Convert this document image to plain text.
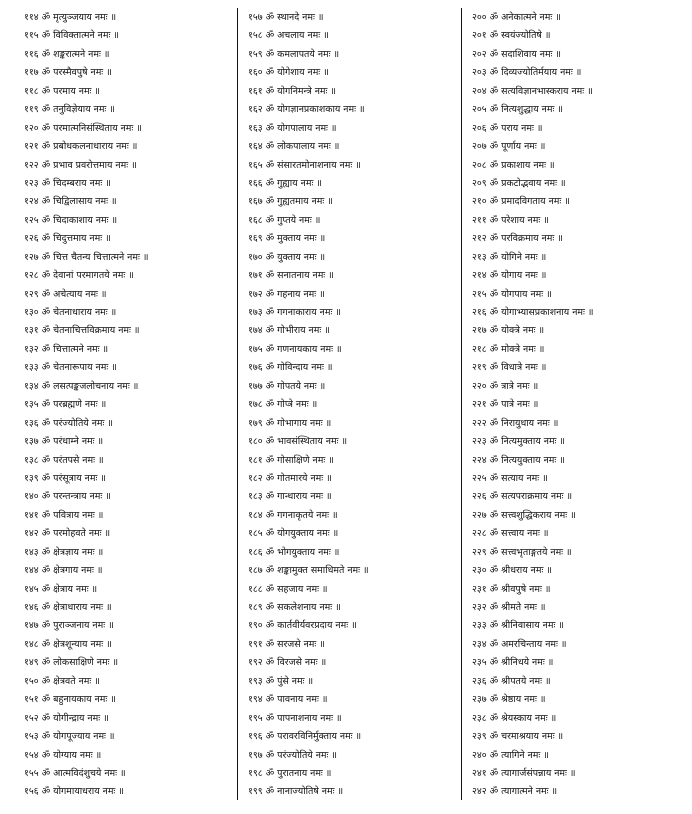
११४ ॐ मृत्युञ्जयाय नमः ॥
११५ ॐ विविक्तात्मने नमः ॥
११६ ॐ शङ्करात्मने नमः ॥
११७ ॐ परस्मैवपुषे नमः ॥
११८ ॐ परमाय नमः ॥
११९ ॐ तनुविज्ञेयाय नमः ॥
१२० ॐ परमात्मनिसंस्थिताय नमः ॥
१२१ ॐ प्रबोधकलनाधाराय नमः ॥
१२२ ॐ प्रभाव प्रवरोत्तमाय नमः ॥
१२३ ॐ चिदम्बराय नमः ॥
१२४ ॐ चिद्विलासाय नमः ॥
१२५ ॐ चिदाकाशाय नमः ॥
१२६ ॐ चिदुत्तमाय नमः ॥
१२७ ॐ चित्त चैतन्य चित्तात्मने नमः ॥
१२८ ॐ देवानां परमागतये नमः ॥
१२९ ॐ अचेत्याय नमः ॥
१३० ॐ चेतनाधाराय नमः ॥
१३१ ॐ चेतनाचित्तविक्रमाय नमः ॥
१३२ ॐ चित्तात्मने नमः ॥
१३३ ॐ चेतनारूपाय नमः ॥
१३४ ॐ लसत्पङ्कजलोचनाय नमः ॥
१३५ ॐ परब्रह्मणे नमः ॥
१३६ ॐ परंज्योतिये नमः ॥
१३७ ॐ परंधाम्ने नमः ॥
१३८ ॐ परंतपसे नमः ॥
१३९ ॐ परंसूत्राय नमः ॥
१४० ॐ परन्तन्त्राय नमः ॥
१४१ ॐ पवित्राय नमः ॥
१४२ ॐ परमोहवते नमः ॥
१४३ ॐ क्षेत्रज्ञाय नमः ॥
१४४ ॐ क्षेत्रगाय नमः ॥
१४५ ॐ क्षेत्राय नमः ॥
१४६ ॐ क्षेत्राधाराय नमः ॥
१४७ ॐ पुराञ्जनाय नमः ॥
१४८ ॐ क्षेत्रशून्याय नमः ॥
१४९ ॐ लोकसाक्षिणे नमः ॥
१५० ॐ क्षेत्रवते नमः ॥
१५१ ॐ बहुनायकाय नमः ॥
१५२ ॐ योगीन्द्राय नमः ॥
१५३ ॐ योगपूज्याय नमः ॥
१५४ ॐ योग्याय नमः ॥
१५५ ॐ आत्मविदंशुचये नमः ॥
१५६ ॐ योगमायाधराय नमः ॥
१५७ ॐ स्थानदे नमः ॥
१५८ ॐ अचलाय नमः ॥
१५९ ॐ कमलापतये नमः ॥
१६० ॐ योगेशाय नमः ॥
१६१ ॐ योगनिमन्त्रे नमः ॥
१६२ ॐ योगज्ञानप्रकाशकाय नमः ॥
१६३ ॐ योगपालाय नमः ॥
१६४ ॐ लोकपालाय नमः ॥
१६५ ॐ संसारतमोनाशनाय नमः ॥
१६६ ॐ गुह्याय नमः ॥
१६७ ॐ गुह्यतमाय नमः ॥
१६८ ॐ गुप्तये नमः ॥
१६९ ॐ मुक्ताय नमः ॥
१७० ॐ युक्ताय नमः ॥
१७१ ॐ सनातनाय नमः ॥
१७२ ॐ गहनाय नमः ॥
१७३ ॐ गगनाकाराय नमः ॥
१७४ ॐ गोभीराय नमः ॥
१७५ ॐ गणनायकाय नमः ॥
१७६ ॐ गोविन्दाय नमः ॥
१७७ ॐ गोपतये नमः ॥
१७८ ॐ गोप्त्रे नमः ॥
१७९ ॐ गोभागाय नमः ॥
१८० ॐ भावसंस्थिताय नमः ॥
१८१ ॐ गोसाक्षिणे नमः ॥
१८२ ॐ गोतमारये नमः ॥
१८३ ॐ गान्धाराय नमः ॥
१८४ ॐ गगनाकृतये नमः ॥
१८५ ॐ योगयुक्ताय नमः ॥
१८६ ॐ भोगयुक्ताय नमः ॥
१८७ ॐ शङ्कामुक्त समाधिमते नमः ॥
१८८ ॐ सहजाय नमः ॥
१८९ ॐ सकलेशनाय नमः ॥
१९० ॐ कार्तवीर्यवरप्रदाय नमः ॥
१९१ ॐ सरजसे नमः ॥
१९२ ॐ विरजसे नमः ॥
१९३ ॐ पुंसे नमः ॥
१९४ ॐ पावनाय नमः ॥
१९५ ॐ पापनाशनाय नमः ॥
१९६ ॐ परावरविनिर्मुक्ताय नमः ॥
१९७ ॐ परंज्योतिये नमः ॥
१९८ ॐ पुरातनाय नमः ॥
१९९ ॐ नानाज्योतिषे नमः ॥
२०० ॐ अनेकात्मने नमः ॥
२०१ ॐ स्वयंज्योतिषे ॥
२०२ ॐ सदाशिवाय नमः ॥
२०३ ॐ दिव्यज्योतिर्मयाय नमः ॥
२०४ ॐ सत्यविज्ञानभास्कराय नमः ॥
२०५ ॐ नित्यशुद्धाय नमः ॥
२०६ ॐ पराय नमः ॥
२०७ ॐ पूर्णाय नमः ॥
२०८ ॐ प्रकाशाय नमः ॥
२०९ ॐ प्रकटोद्भवाय नमः ॥
२१० ॐ प्रमादविगताय नमः ॥
२११ ॐ परेशाय नमः ॥
२१२ ॐ परविक्रमाय नमः ॥
२१३ ॐ योगिने नमः ॥
२१४ ॐ योगाय नमः ॥
२१५ ॐ योगपाय नमः ॥
२१६ ॐ योगाभ्यासप्रकाशनाय नमः ॥
२१७ ॐ योक्त्रे नमः ॥
२१८ ॐ मोक्त्रे नमः ॥
२१९ ॐ विधात्रे नमः ॥
२२० ॐ त्रात्रे नमः ॥
२२१ ॐ पात्रे नमः ॥
२२२ ॐ निरायुधाय नमः ॥
२२३ ॐ नित्यमुक्ताय नमः ॥
२२४ ॐ नित्ययुक्ताय नमः ॥
२२५ ॐ सत्याय नमः ॥
२२६ ॐ सत्यपराक्रमाय नमः ॥
२२७ ॐ सत्त्वशुद्धिकराय नमः ॥
२२८ ॐ सत्त्वाय नमः ॥
२२९ ॐ सत्त्वभृताङ्गतये नमः ॥
२३० ॐ श्रीधराय नमः ॥
२३१ ॐ श्रीवपुषे नमः ॥
२३२ ॐ श्रीमते नमः ॥
२३३ ॐ श्रीनिवासाय नमः ॥
२३४ ॐ अमरचिन्ताय नमः ॥
२३५ ॐ श्रीनिधये नमः ॥
२३६ ॐ श्रीपतये नमः ॥
२३७ ॐ श्रेष्ठाय नमः ॥
२३८ ॐ श्रेयस्काय नमः ॥
२३९ ॐ चरमाश्रयाय नमः ॥
२४० ॐ त्यागिने नमः ॥
२४१ ॐ त्यागार्जसंपन्नाय नमः ॥
२४२ ॐ त्यागात्मने नमः ॥
